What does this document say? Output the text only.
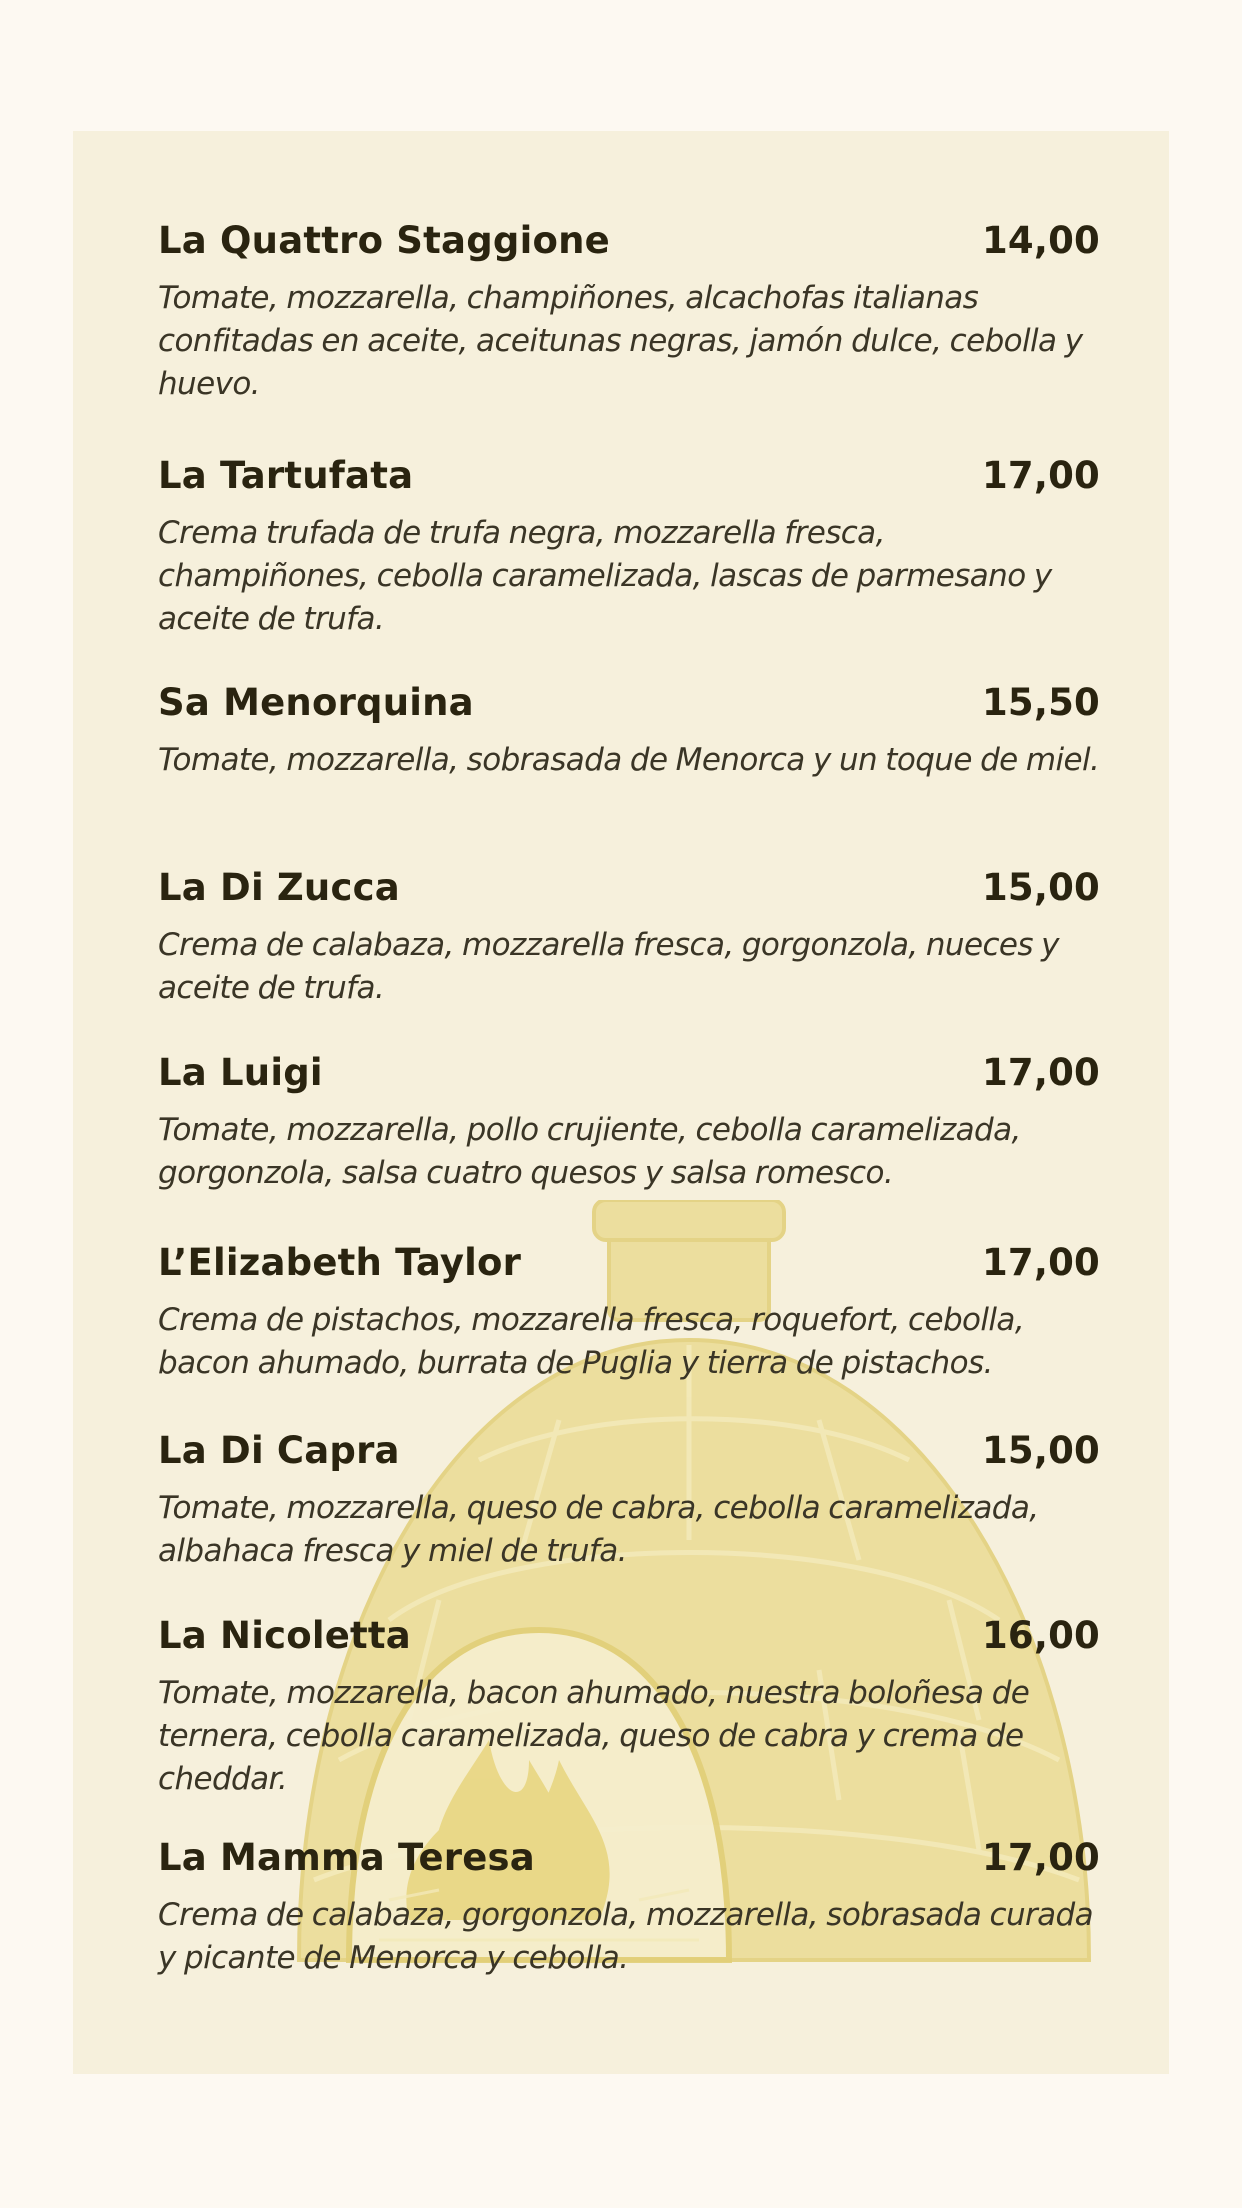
La Quattro Staggione	14,00
Tomate, mozzarella, champiñones, alcachofas italianas confitadas en aceite, aceitunas negras, jamón dulce, cebolla y huevo.
La Tartufata	17,00
Crema trufada de trufa negra, mozzarella fresca, champiñones, cebolla caramelizada, lascas de parmesano y aceite de trufa.
Sa Menorquina	15,50
Tomate, mozzarella, sobrasada de Menorca y un toque de miel.
La Di Zucca	15,00
Crema de calabaza, mozzarella fresca, gorgonzola, nueces y aceite de trufa.
La Luigi	17,00
Tomate, mozzarella, pollo crujiente, cebolla caramelizada, gorgonzola, salsa cuatro quesos y salsa romesco.
L’Elizabeth Taylor	17,00
Crema de pistachos, mozzarella fresca, roquefort, cebolla, bacon ahumado, burrata de Puglia y tierra de pistachos.
La Di Capra	15,00
Tomate, mozzarella, queso de cabra, cebolla caramelizada, albahaca fresca y miel de trufa.
La Nicoletta	16,00
Tomate, mozzarella, bacon ahumado, nuestra boloñesa de ternera, cebolla caramelizada, queso de cabra y crema de cheddar.
La Mamma Teresa	17,00
Crema de calabaza, gorgonzola, mozzarella, sobrasada curada y picante de Menorca y cebolla.
